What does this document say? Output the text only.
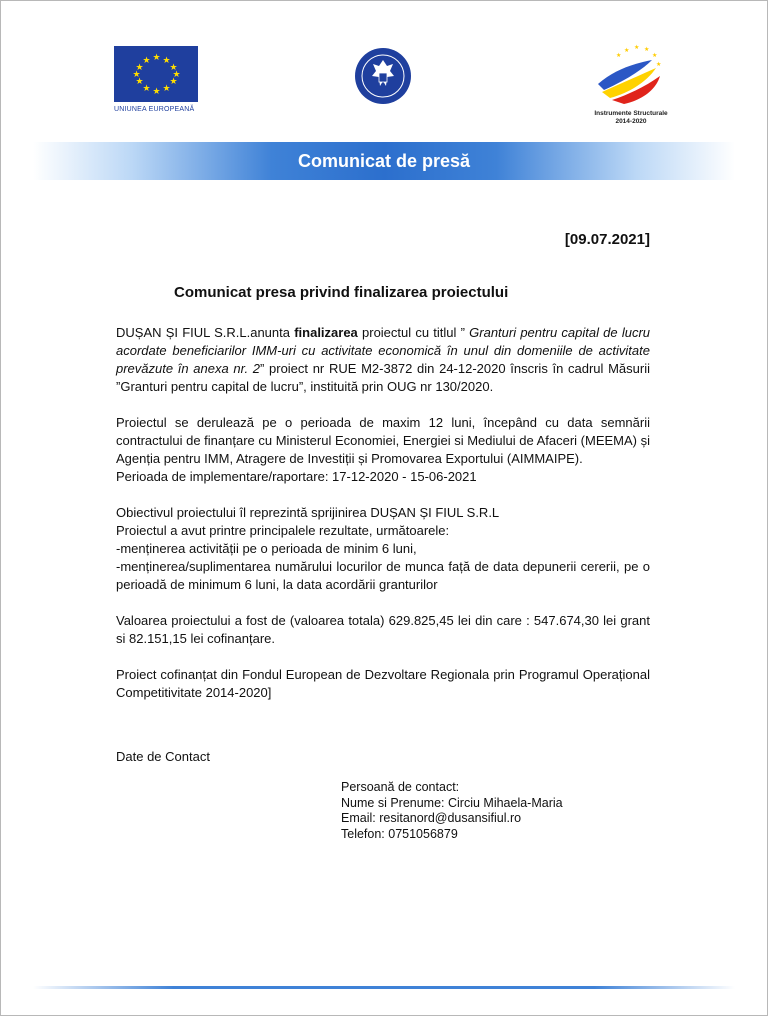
★ ★
★
★
★
★
★
★
★
★
★
★
UNIUNEA EUROPEANĂ
★ ★ ★
★
★
★
Instrumente Structurale
2014-2020
Comunicat de presă
[09.07.2021]
Comunicat presa privind finalizarea proiectului

DUȘAN ȘI FIUL S.R.L.anunta finalizarea proiectul cu titlul ” Granturi pentru capital de lucru acordate beneficiarilor IMM-uri cu activitate economică în unul din domeniile de activitate prevăzute în anexa nr. 2” proiect nr RUE M2-3872 din 24-12-2020 înscris în cadrul Măsurii ”Granturi pentru capital de lucru”, instituită prin OUG nr 130/2020.

Proiectul se derulează pe o perioada de maxim 12 luni, începând cu data semnării contractului de finanțare cu Ministerul Economiei, Energiei si Mediului de Afaceri (MEEMA) și Agenția pentru IMM, Atragere de Investiții și Promovarea Exportului (AIMMAIPE).

Perioada de implementare/raportare: 17-12-2020 - 15-06-2021

Obiectivul proiectului îl reprezintă sprijinirea DUȘAN ȘI FIUL S.R.L

Proiectul a avut printre principalele rezultate, următoarele:

-menținerea activității pe o perioada de minim 6 luni,

-menținerea/suplimentarea numărului locurilor de munca față de data depunerii cererii, pe o perioadă de minimum 6 luni, la data acordării granturilor

Valoarea proiectului a fost de (valoarea totala) 629.825,45 lei din care : 547.674,30 lei grant si 82.151,15 lei cofinanțare.

Proiect cofinanțat din Fondul European de Dezvoltare Regionala prin Programul Operațional Competitivitate 2014-2020]

Date de Contact
Persoană de contact:
Nume si Prenume: Circiu Mihaela-Maria
Email: resitanord@dusansifiul.ro
Telefon: 0751056879
